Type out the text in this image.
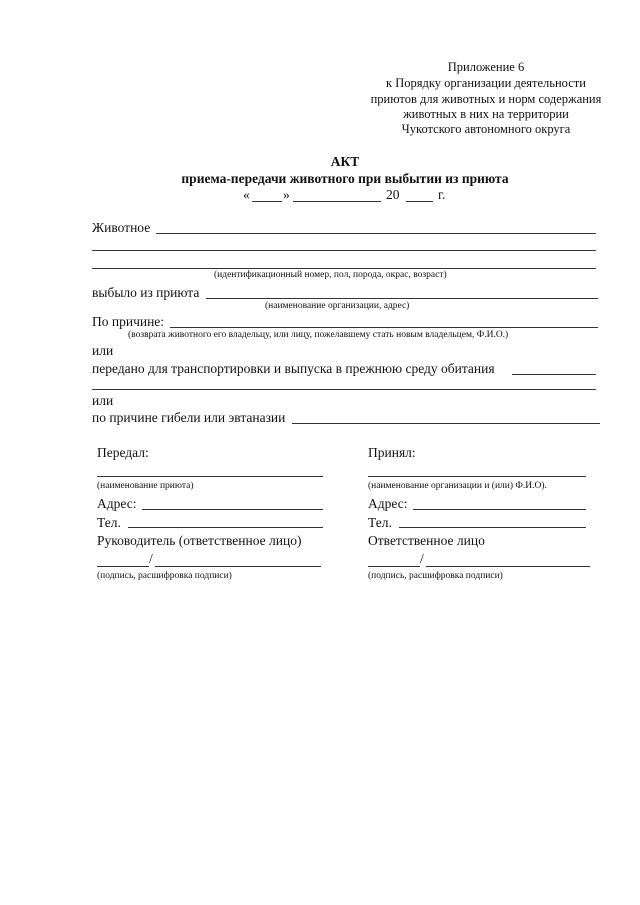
Приложение 6
к Порядку организации деятельности
приютов для животных и норм содержания
животных в них на территории
Чукотского автономного округа
АКТ
приема-передачи животного при выбытии из приюта
« »	20	г.
Животное
(идентификационный номер, пол, порода, окрас, возраст)
выбыло из приюта
(наименование организации, адрес)
По причине:
(возврата животного его владельцу, или лицу, пожелавшему стать новым владельцем, Ф.И.О.)
или
передано для транспортировки и выпуска в прежнюю среду обитания
или
по причине гибели или эвтаназии
Передал:
(наименование приюта)
Адрес:
Тел.
Руководитель (ответственное лицо)
/
(подпись, расшифровка подписи)
Принял:
(наименование организации и (или) Ф.И.О).
Адрес:
Тел.
Ответственное лицо
/
(подпись, расшифровка подписи)
